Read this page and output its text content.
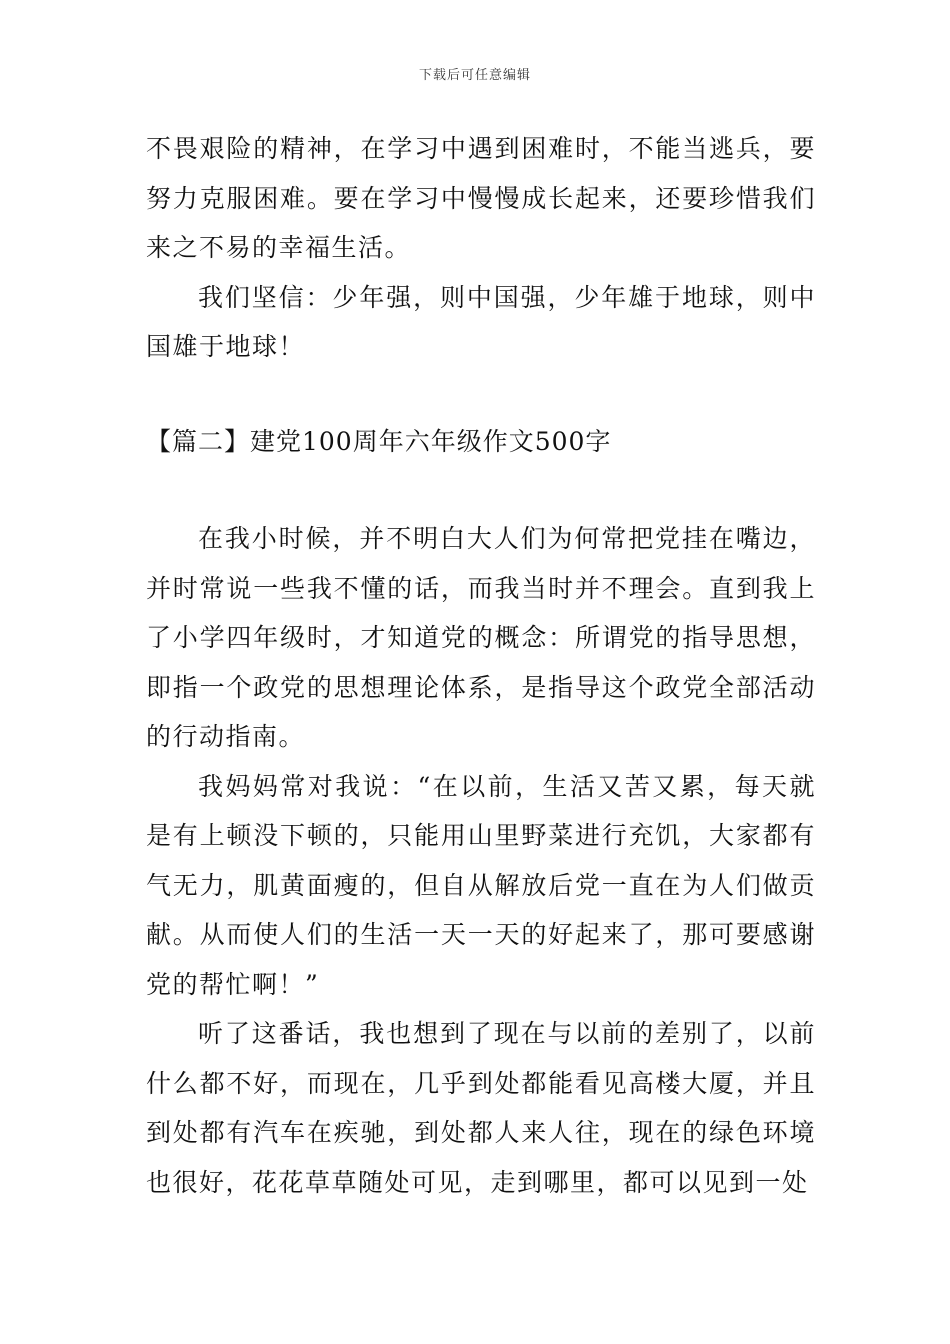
下载后可任意编辑

不畏艰险的精神，在学习中遇到困难时，不能当逃兵，要努力克服困难。要在学习中慢慢成长起来，还要珍惜我们来之不易的幸福生活。

我们坚信：少年强，则中国强，少年雄于地球，则中国雄于地球！

【篇二】建党100周年六年级作文500字

在我小时候，并不明白大人们为何常把党挂在嘴边，并时常说一些我不懂的话，而我当时并不理会。直到我上了小学四年级时，才知道党的概念：所谓党的指导思想，即指一个政党的思想理论体系，是指导这个政党全部活动的行动指南。

我妈妈常对我说：“在以前，生活又苦又累，每天就是有上顿没下顿的，只能用山里野菜进行充饥，大家都有气无力，肌黄面瘦的，但自从解放后党一直在为人们做贡献。从而使人们的生活一天一天的好起来了，那可要感谢党的帮忙啊！”

听了这番话，我也想到了现在与以前的差别了，以前什么都不好，而现在，几乎到处都能看见高楼大厦，并且到处都有汽车在疾驰，到处都人来人往，现在的绿色环境也很好，花花草草随处可见，走到哪里，都可以见到一处
